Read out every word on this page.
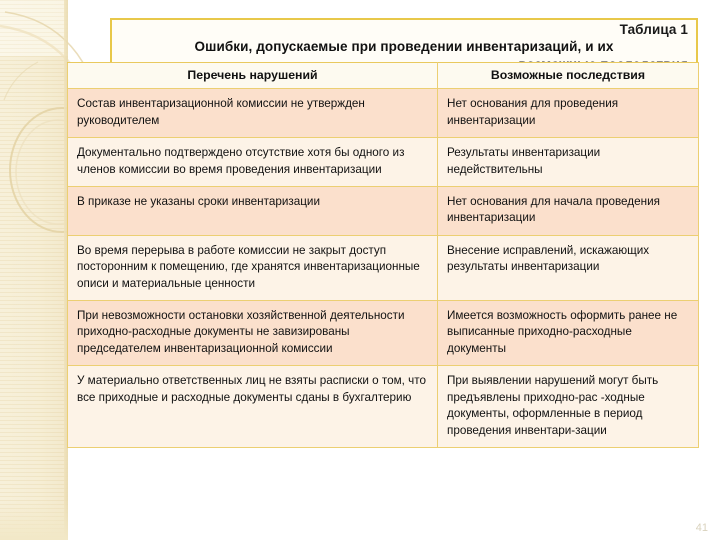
Таблица 1
Ошибки, допускаемые при проведении инвентаризаций, и их
Перечень нарушений	Возможные последствия
Состав инвентаризационной комиссии не утвержден руководителем	Нет основания для проведения инвентаризации
Документально подтверждено отсутствие хотя бы одного из членов комиссии во время проведения инвентаризации	Результаты инвентаризации недействительны
В приказе не указаны сроки инвентаризации	Нет основания для начала проведения инвентаризации
Во время перерыва в работе комиссии не закрыт доступ посторонним к помещению, где хранятся инвентаризационные описи и материальные ценности	Внесение исправлений, искажающих результаты инвентаризации
При невозможности остановки хозяйственной деятельности приходно-расходные документы не завизированы председателем инвентаризационной комиссии	Имеется возможность оформить ранее не выписанные приходно-расходные документы
У материально ответственных лиц не взяты расписки о том, что все приходные и расходные документы сданы в бухгалтерию	При выявлении нарушений могут быть предъявлены приходно-рас -ходные документы, оформленные в период проведения инвентари-зации
41
